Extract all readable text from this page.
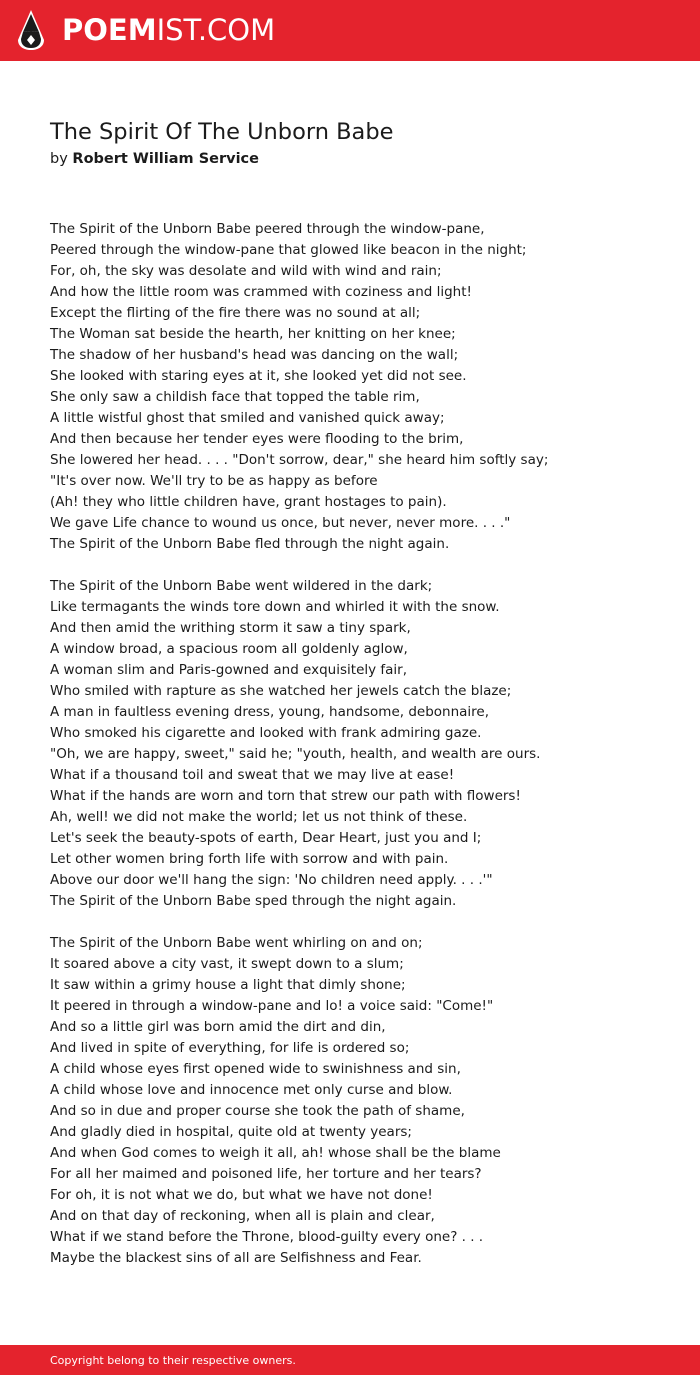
POEMIST.COM
The Spirit Of The Unborn Babe
by Robert William Service
The Spirit of the Unborn Babe peered through the window-pane,
Peered through the window-pane that glowed like beacon in the night;
For, oh, the sky was desolate and wild with wind and rain;
And how the little room was crammed with coziness and light!
Except the flirting of the fire there was no sound at all;
The Woman sat beside the hearth, her knitting on her knee;
The shadow of her husband's head was dancing on the wall;
She looked with staring eyes at it, she looked yet did not see.
She only saw a childish face that topped the table rim,
A little wistful ghost that smiled and vanished quick away;
And then because her tender eyes were flooding to the brim,
She lowered her head. . . . "Don't sorrow, dear," she heard him softly say;
"It's over now. We'll try to be as happy as before
(Ah! they who little children have, grant hostages to pain).
We gave Life chance to wound us once, but never, never more. . . ."
The Spirit of the Unborn Babe fled through the night again.
The Spirit of the Unborn Babe went wildered in the dark;
Like termagants the winds tore down and whirled it with the snow.
And then amid the writhing storm it saw a tiny spark,
A window broad, a spacious room all goldenly aglow,
A woman slim and Paris-gowned and exquisitely fair,
Who smiled with rapture as she watched her jewels catch the blaze;
A man in faultless evening dress, young, handsome, debonnaire,
Who smoked his cigarette and looked with frank admiring gaze.
"Oh, we are happy, sweet," said he; "youth, health, and wealth are ours.
What if a thousand toil and sweat that we may live at ease!
What if the hands are worn and torn that strew our path with flowers!
Ah, well! we did not make the world; let us not think of these.
Let's seek the beauty-spots of earth, Dear Heart, just you and I;
Let other women bring forth life with sorrow and with pain.
Above our door we'll hang the sign: 'No children need apply. . . .'"
The Spirit of the Unborn Babe sped through the night again.
The Spirit of the Unborn Babe went whirling on and on;
It soared above a city vast, it swept down to a slum;
It saw within a grimy house a light that dimly shone;
It peered in through a window-pane and lo! a voice said: "Come!"
And so a little girl was born amid the dirt and din,
And lived in spite of everything, for life is ordered so;
A child whose eyes first opened wide to swinishness and sin,
A child whose love and innocence met only curse and blow.
And so in due and proper course she took the path of shame,
And gladly died in hospital, quite old at twenty years;
And when God comes to weigh it all, ah! whose shall be the blame
For all her maimed and poisoned life, her torture and her tears?
For oh, it is not what we do, but what we have not done!
And on that day of reckoning, when all is plain and clear,
What if we stand before the Throne, blood-guilty every one? . . .
Maybe the blackest sins of all are Selfishness and Fear.
Copyright belong to their respective owners.
